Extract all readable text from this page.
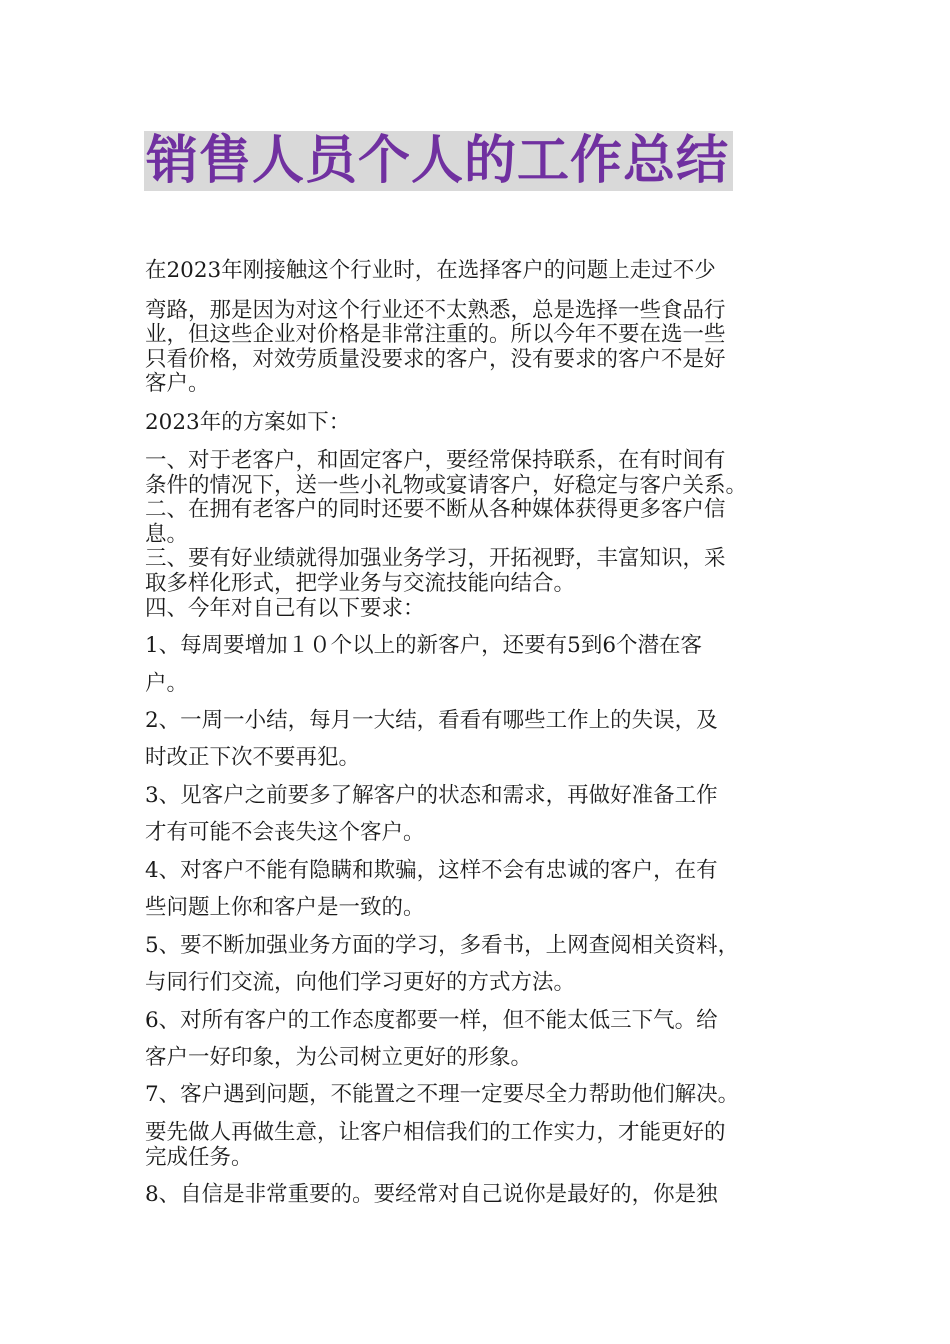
销售人员个人的工作总结
在2023年刚接触这个行业时，在选择客户的问题上走过不少
弯路，那是因为对这个行业还不太熟悉，总是选择一些食品行
业，但这些企业对价格是非常注重的。所以今年不要在选一些
只看价格，对效劳质量没要求的客户，没有要求的客户不是好
客户。
2023年的方案如下：
一、对于老客户，和固定客户，要经常保持联系，在有时间有
条件的情况下，送一些小礼物或宴请客户，好稳定与客户关系。
二、在拥有老客户的同时还要不断从各种媒体获得更多客户信
息。
三、要有好业绩就得加强业务学习，开拓视野，丰富知识，采
取多样化形式，把学业务与交流技能向结合。
四、今年对自己有以下要求：
1、每周要增加１０个以上的新客户，还要有5到6个潜在客
户。
2、一周一小结，每月一大结，看看有哪些工作上的失误，及
时改正下次不要再犯。
3、见客户之前要多了解客户的状态和需求，再做好准备工作
才有可能不会丧失这个客户。
4、对客户不能有隐瞒和欺骗，这样不会有忠诚的客户，在有
些问题上你和客户是一致的。
5、要不断加强业务方面的学习，多看书，上网查阅相关资料，
与同行们交流，向他们学习更好的方式方法。
6、对所有客户的工作态度都要一样，但不能太低三下气。给
客户一好印象，为公司树立更好的形象。
7、客户遇到问题，不能置之不理一定要尽全力帮助他们解决。
要先做人再做生意，让客户相信我们的工作实力，才能更好的
完成任务。
8、自信是非常重要的。要经常对自己说你是最好的，你是独
